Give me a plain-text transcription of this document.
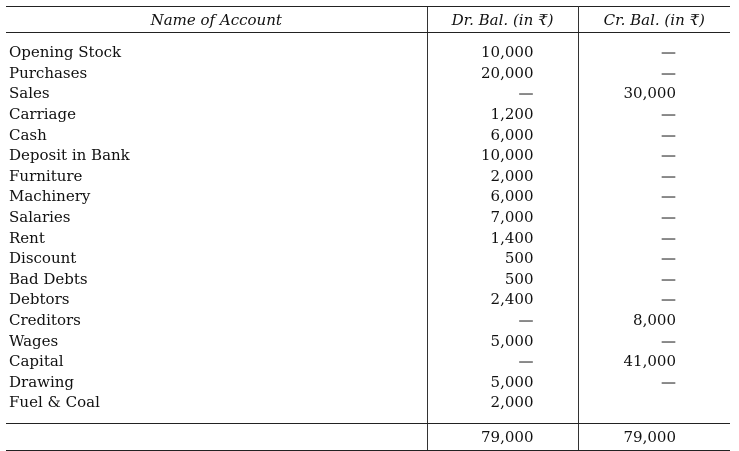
Name of Account	Dr. Bal. (in ₹)	Cr. Bal. (in ₹)
Opening Stock	10,000	—
Purchases	20,000	—
Sales	—	30,000
Carriage	1,200	—
Cash	6,000	—
Deposit in Bank	10,000	—
Furniture	2,000	—
Machinery	6,000	—
Salaries	7,000	—
Rent	1,400	—
Discount	500	—
Bad Debts	500	—
Debtors	2,400	—
Creditors	—	8,000
Wages	5,000	—
Capital	—	41,000
Drawing	5,000	—
Fuel & Coal	2,000	

	79,000	79,000
